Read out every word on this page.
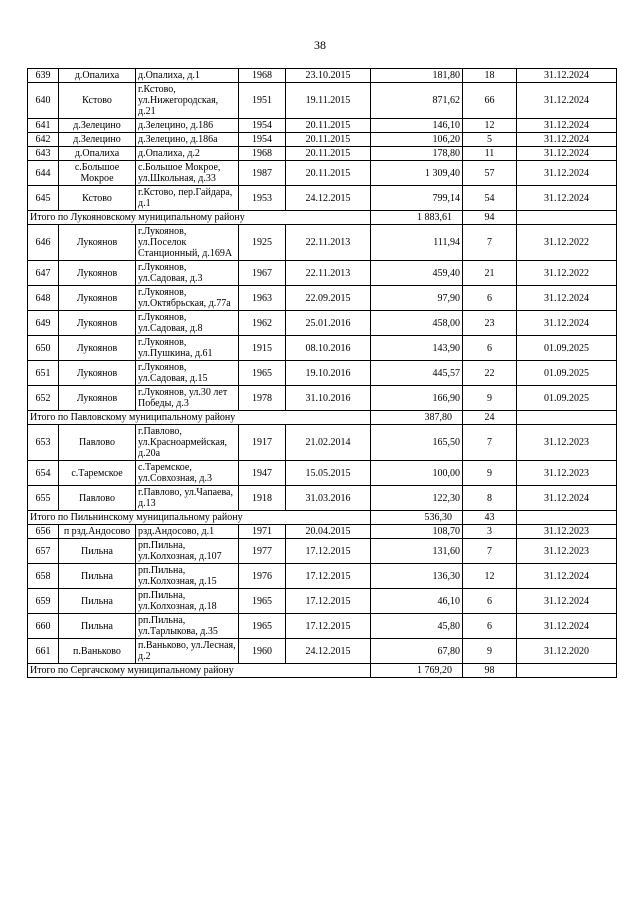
38
639	д.Опалиха	д.Опалиха, д.1	1968	23.10.2015	181,80	18	31.12.2024
640	Кстово	г.Кстово, ул.Нижегородская, д.21	1951	19.11.2015	871,62	66	31.12.2024
641	д.Зелецино	д.Зелецино, д.186	1954	20.11.2015	146,10	12	31.12.2024
642	д.Зелецино	д.Зелецино, д.186а	1954	20.11.2015	106,20	5	31.12.2024
643	д.Опалиха	д.Опалиха, д.2	1968	20.11.2015	178,80	11	31.12.2024
644	с.Большое Мокрое	с.Большое Мокрое, ул.Школьная, д.33	1987	20.11.2015	1 309,40	57	31.12.2024
645	Кстово	г.Кстово, пер.Гайдара, д.1	1953	24.12.2015	799,14	54	31.12.2024
Итого по Лукояновскому муниципальному району					1 883,61	94	
646	Лукоянов	г.Лукоянов, ул.Поселок Станционный, д.169А	1925	22.11.2013	111,94	7	31.12.2022
647	Лукоянов	г.Лукоянов, ул.Садовая, д.3	1967	22.11.2013	459,40	21	31.12.2022
648	Лукоянов	г.Лукоянов, ул.Октябрьская, д.77а	1963	22.09.2015	97,90	6	31.12.2024
649	Лукоянов	г.Лукоянов, ул.Садовая, д.8	1962	25.01.2016	458,00	23	31.12.2024
650	Лукоянов	г.Лукоянов, ул.Пушкина, д.61	1915	08.10.2016	143,90	6	01.09.2025
651	Лукоянов	г.Лукоянов, ул.Садовая, д.15	1965	19.10.2016	445,57	22	01.09.2025
652	Лукоянов	г.Лукоянов, ул.30 лет Победы, д.3	1978	31.10.2016	166,90	9	01.09.2025
Итого по Павловскому муниципальному району					387,80	24	
653	Павлово	г.Павлово, ул.Красноармейская, д.20а	1917	21.02.2014	165,50	7	31.12.2023
654	с.Таремское	с.Таремское, ул.Совхозная, д.3	1947	15.05.2015	100,00	9	31.12.2023
655	Павлово	г.Павлово, ул.Чапаева, д.13	1918	31.03.2016	122,30	8	31.12.2024
Итого по Пильнинскому муниципальному району					536,30	43	
656	п рзд.Андосово	рзд.Андосово, д.1	1971	20.04.2015	108,70	3	31.12.2023
657	Пильна	рп.Пильна, ул.Колхозная, д.107	1977	17.12.2015	131,60	7	31.12.2023
658	Пильна	рп.Пильна, ул.Колхозная, д.15	1976	17.12.2015	136,30	12	31.12.2024
659	Пильна	рп.Пильна, ул.Колхозная, д.18	1965	17.12.2015	46,10	6	31.12.2024
660	Пильна	рп.Пильна, ул.Тарлыкова, д.35	1965	17.12.2015	45,80	6	31.12.2024
661	п.Ваньково	п.Ваньково, ул.Лесная, д.2	1960	24.12.2015	67,80	9	31.12.2020
Итого по Сергачскому муниципальному району					1 769,20	98	
